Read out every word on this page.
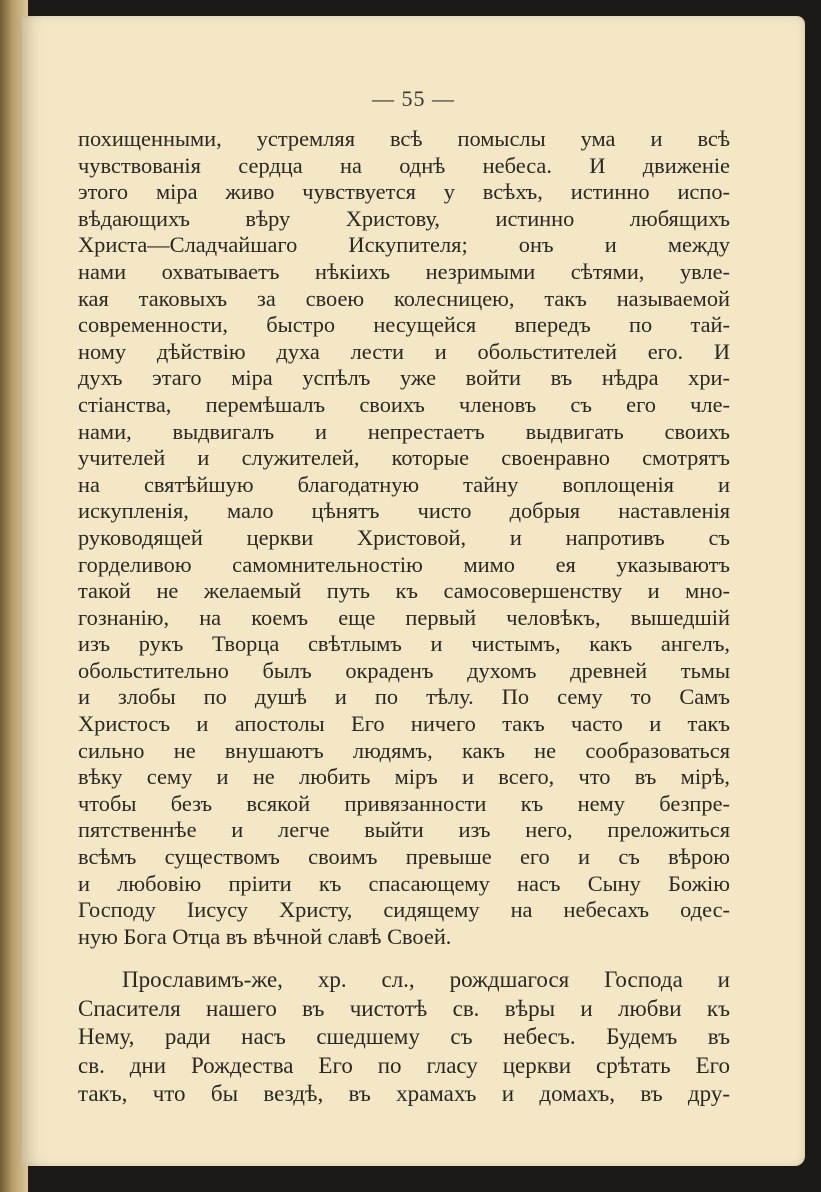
— 55 —
похищенными, устремляя всѣ помыслы ума и всѣ
чувствованія сердца на однѣ небеса. И движеніе
этого міра живо чувствуется у всѣхъ, истинно испо-
вѣдающихъ вѣру Христову, истинно любящихъ
Христа—Сладчайшаго Искупителя; онъ и между
нами охватываетъ нѣкіихъ незримыми сѣтями, увле-
кая таковыхъ за своею колесницею, такъ называемой
современности, быстро несущейся впередъ по тай-
ному дѣйствію духа лести и обольстителей его. И
духъ этаго міра успѣлъ уже войти въ нѣдра хри-
стіанства, перемѣшалъ своихъ членовъ съ его чле-
нами, выдвигалъ и непрестаетъ выдвигать своихъ
учителей и служителей, которые своенравно смотрятъ
на святѣйшую благодатную тайну воплощенія и
искупленія, мало цѣнятъ чисто добрыя наставленія
руководящей церкви Христовой, и напротивъ съ
горделивою самомнительностію мимо ея указываютъ
такой не желаемый путь къ самосовершенству и мно-
гознанію, на коемъ еще первый человѣкъ, вышедшій
изъ рукъ Творца свѣтлымъ и чистымъ, какъ ангелъ,
обольстительно былъ окраденъ духомъ древней тьмы
и злобы по душѣ и по тѣлу. По сему то Самъ
Христосъ и апостолы Его ничего такъ часто и такъ
сильно не внушаютъ людямъ, какъ не сообразоваться
вѣку сему и не любить міръ и всего, что въ мірѣ,
чтобы безъ всякой привязанности къ нему безпре-
пятственнѣе и легче выйти изъ него, преложиться
всѣмъ существомъ своимъ превыше его и съ вѣрою
и любовію пріити къ спасающему насъ Сыну Божію
Господу Іисусу Христу, сидящему на небесахъ одес-
ную Бога Отца въ вѣчной славѣ Своей.
Прославимъ-же, хр. сл., рождшагося Господа и
Спасителя нашего въ чистотѣ св. вѣры и любви къ
Нему, ради насъ сшедшему съ небесъ. Будемъ въ
св. дни Рождества Его по гласу церкви срѣтать Его
такъ, что бы вездѣ, въ храмахъ и домахъ, въ дру-
